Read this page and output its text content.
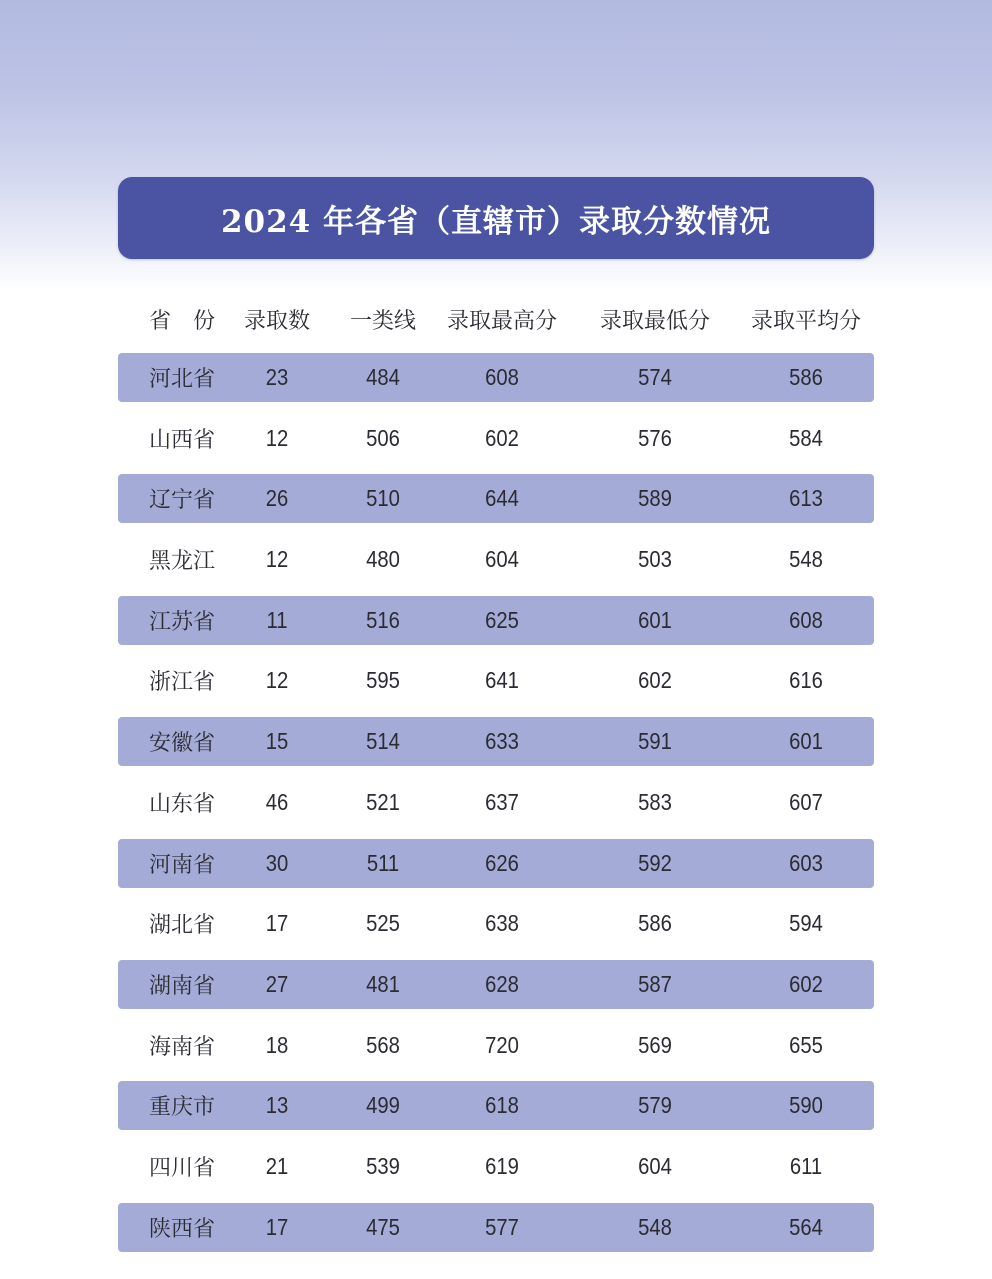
2024 年各省（直辖市）录取分数情况
省 份	录取数	一类线	录取最高分	录取最低分	录取平均分
河北省	23	484	608	574	586
山西省	12	506	602	576	584
辽宁省	26	510	644	589	613
黑龙江	12	480	604	503	548
江苏省	11	516	625	601	608
浙江省	12	595	641	602	616
安徽省	15	514	633	591	601
山东省	46	521	637	583	607
河南省	30	511	626	592	603
湖北省	17	525	638	586	594
湖南省	27	481	628	587	602
海南省	18	568	720	569	655
重庆市	13	499	618	579	590
四川省	21	539	619	604	611
陕西省	17	475	577	548	564
